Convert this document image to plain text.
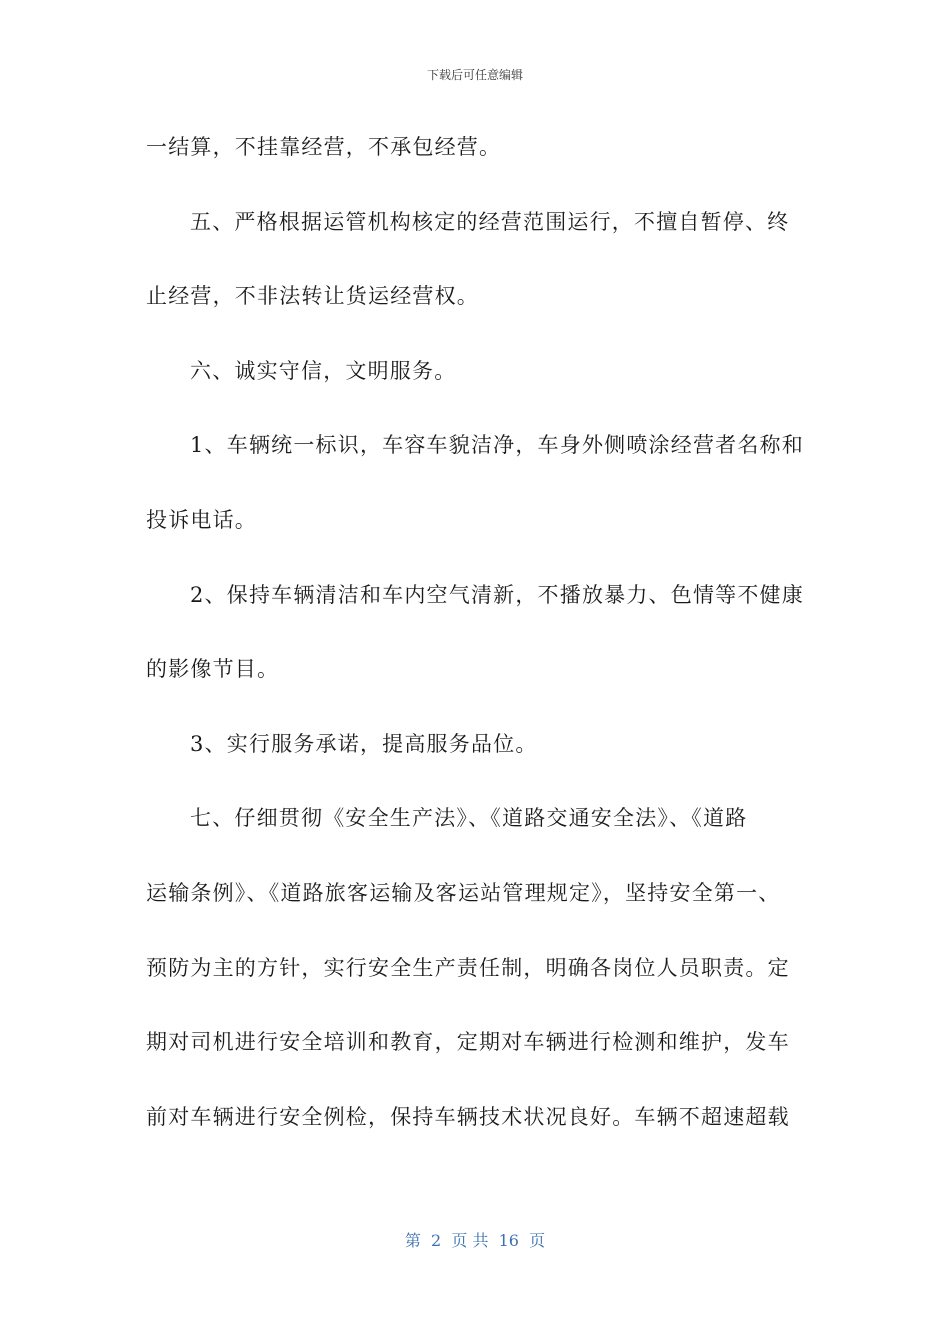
下载后可任意编辑
一结算，不挂靠经营，不承包经营。
五、严格根据运管机构核定的经营范围运行，不擅自暂停、终
止经营，不非法转让货运经营权。
六、诚实守信，文明服务。
1、车辆统一标识，车容车貌洁净，车身外侧喷涂经营者名称和
投诉电话。
2、保持车辆清洁和车内空气清新，不播放暴力、色情等不健康
的影像节目。
3、实行服务承诺，提高服务品位。
七、仔细贯彻《安全生产法》、《道路交通安全法》、《道路
运输条例》、《道路旅客运输及客运站管理规定》，坚持安全第一、
预防为主的方针，实行安全生产责任制，明确各岗位人员职责。定
期对司机进行安全培训和教育，定期对车辆进行检测和维护，发车
前对车辆进行安全例检，保持车辆技术状况良好。车辆不超速超载
第  2  页 共  16  页
